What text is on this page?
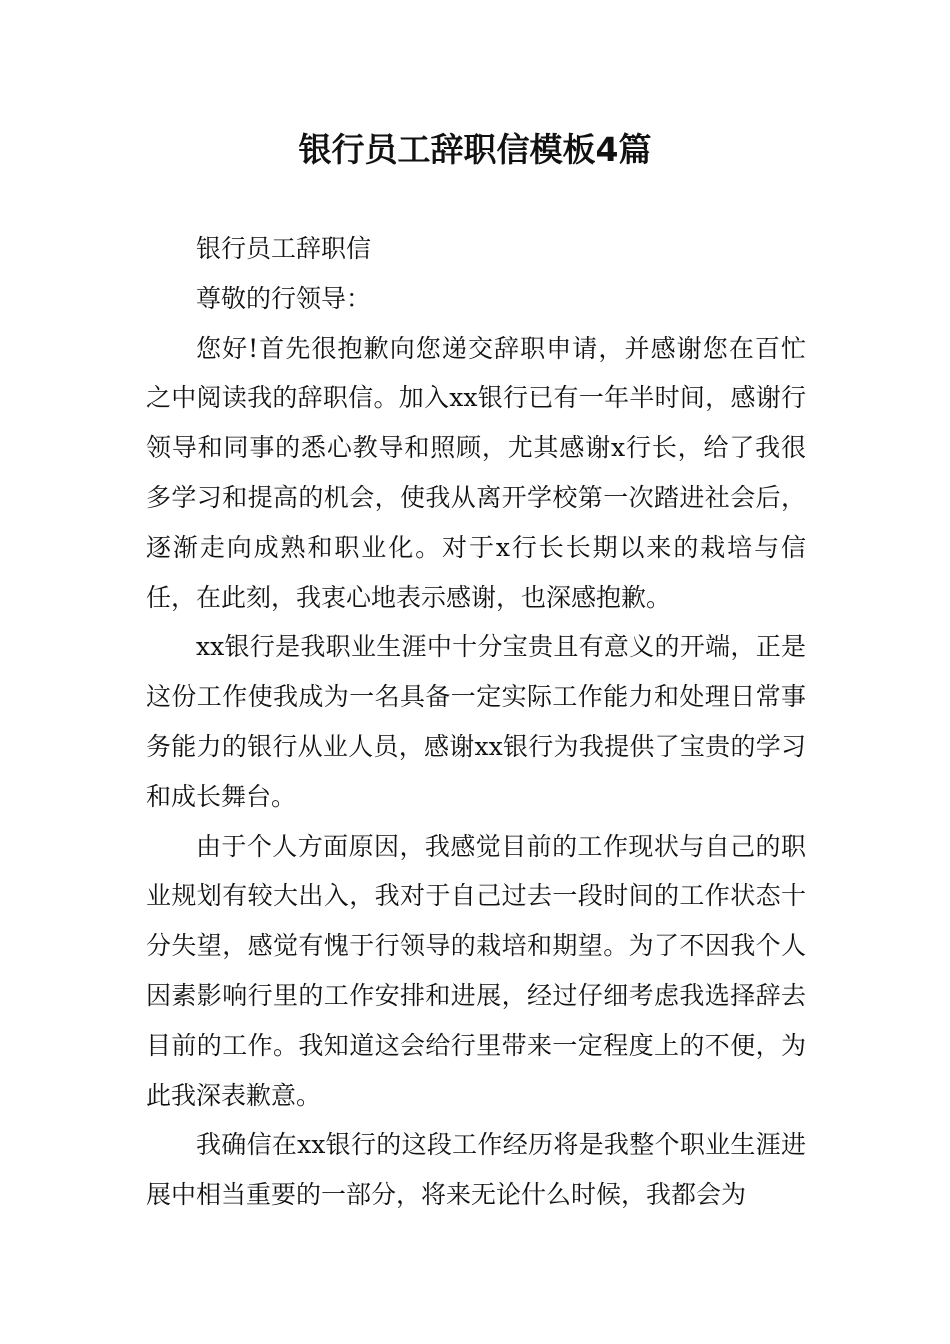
银行员工辞职信模板4篇

银行员工辞职信

尊敬的行领导：

您好!首先很抱歉向您递交辞职申请，并感谢您在百忙之中阅读我的辞职信。加入xx银行已有一年半时间，感谢行领导和同事的悉心教导和照顾，尤其感谢x行长，给了我很多学习和提高的机会，使我从离开学校第一次踏进社会后，逐渐走向成熟和职业化。对于x行长长期以来的栽培与信任，在此刻，我衷心地表示感谢，也深感抱歉。

xx银行是我职业生涯中十分宝贵且有意义的开端，正是这份工作使我成为一名具备一定实际工作能力和处理日常事务能力的银行从业人员，感谢xx银行为我提供了宝贵的学习和成长舞台。

由于个人方面原因，我感觉目前的工作现状与自己的职业规划有较大出入，我对于自己过去一段时间的工作状态十分失望，感觉有愧于行领导的栽培和期望。为了不因我个人因素影响行里的工作安排和进展，经过仔细考虑我选择辞去目前的工作。我知道这会给行里带来一定程度上的不便，为此我深表歉意。

我确信在xx银行的这段工作经历将是我整个职业生涯进展中相当重要的一部分，将来无论什么时候，我都会为
